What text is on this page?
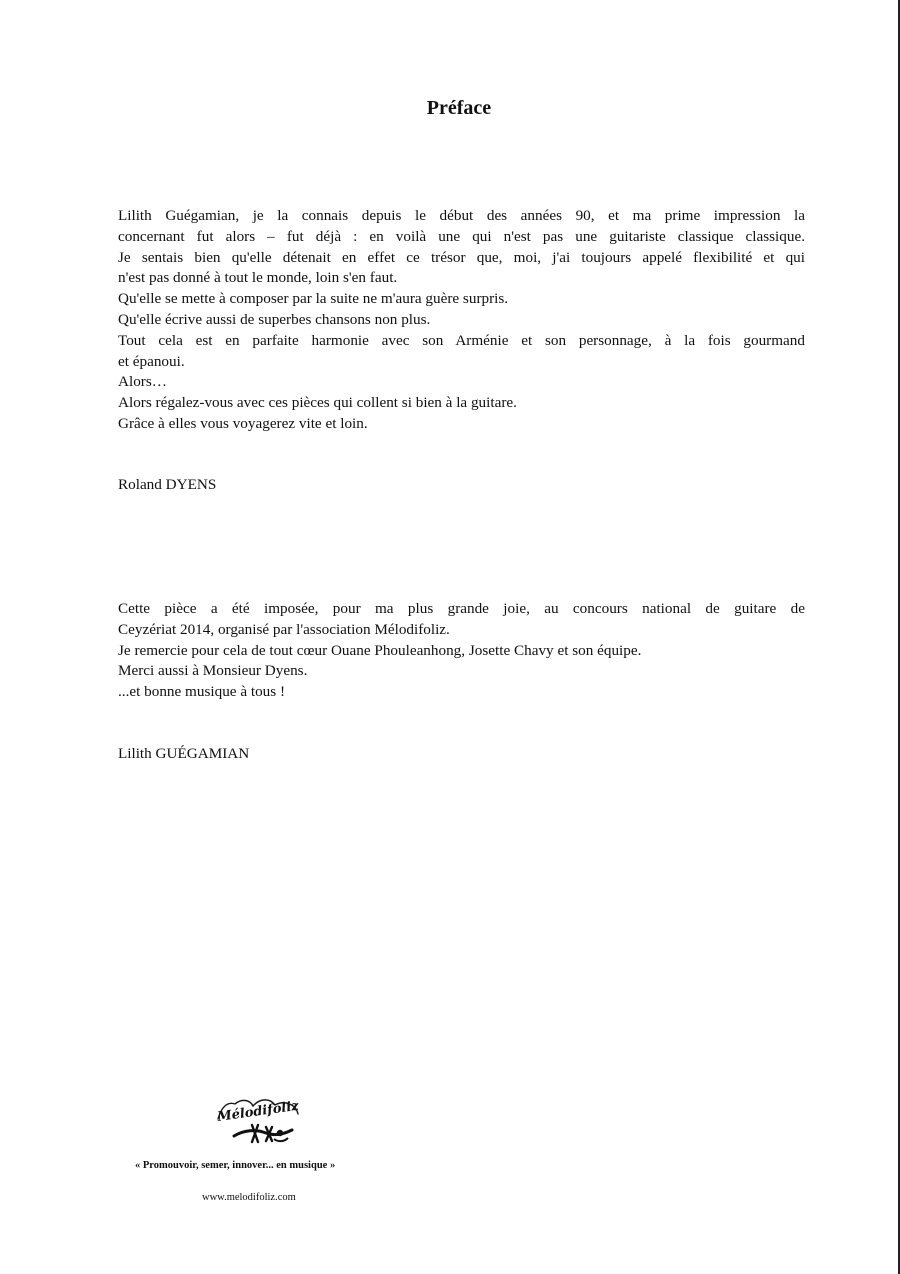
Préface
Lilith Guégamian, je la connais depuis le début des années 90, et ma prime impression la
concernant fut alors – fut déjà : en voilà une qui n'est pas une guitariste classique classique.
Je sentais bien qu'elle détenait en effet ce trésor que, moi, j'ai toujours appelé flexibilité et qui
n'est pas donné à tout le monde, loin s'en faut.
Qu'elle se mette à composer par la suite ne m'aura guère surpris.
Qu'elle écrive aussi de superbes chansons non plus.
Tout cela est en parfaite harmonie avec son Arménie et son personnage, à la fois gourmand
et épanoui.
Alors…
Alors régalez-vous avec ces pièces qui collent si bien à la guitare.
Grâce à elles vous voyagerez vite et loin.

Roland DYENS

Cette pièce a été imposée, pour ma plus grande joie, au concours national de guitare de
Ceyzériat 2014, organisé par l'association Mélodifoliz.
Je remercie pour cela de tout cœur Ouane Phouleanhong, Josette Chavy et son équipe.
Merci aussi à Monsieur Dyens.
...et bonne musique à tous !

Lilith GUÉGAMIAN

Mélodifoliz

« Promouvoir, semer, innover... en musique »

www.melodifoliz.com
